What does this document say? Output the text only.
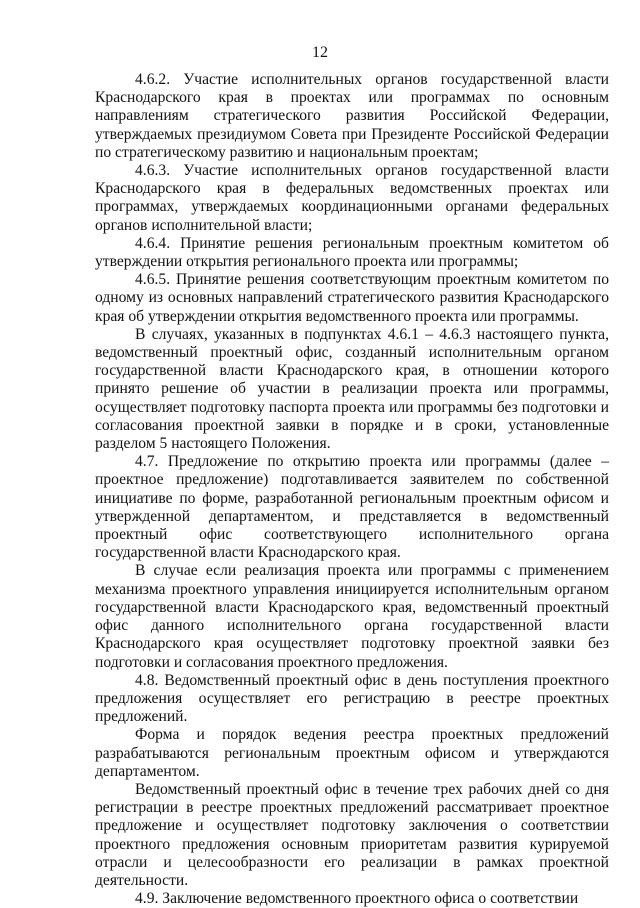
12

4.6.2. Участие исполнительных органов государственной власти Краснодарского края в проектах или программах по основным направлениям стратегического развития Российской Федерации, утверждаемых президиумом Совета при Президенте Российской Федерации по стратегическому развитию и национальным проектам;

4.6.3. Участие исполнительных органов государственной власти Краснодарского края в федеральных ведомственных проектах или программах, утверждаемых координационными органами федеральных органов исполнительной власти;

4.6.4. Принятие решения региональным проектным комитетом об утверждении открытия регионального проекта или программы;

4.6.5. Принятие решения соответствующим проектным комитетом по одному из основных направлений стратегического развития Краснодарского края об утверждении открытия ведомственного проекта или программы.

В случаях, указанных в подпунктах 4.6.1 – 4.6.3 настоящего пункта, ведомственный проектный офис, созданный исполнительным органом государственной власти Краснодарского края, в отношении которого принято решение об участии в реализации проекта или программы, осуществляет подготовку паспорта проекта или программы без подготовки и согласования проектной заявки в порядке и в сроки, установленные разделом 5 настоящего Положения.

4.7. Предложение по открытию проекта или программы (далее – проектное предложение) подготавливается заявителем по собственной инициативе по форме, разработанной региональным проектным офисом и утвержденной департаментом, и представляется в ведомственный проектный офис соответствующего исполнительного органа государственной власти Краснодарского края.

В случае если реализация проекта или программы с применением механизма проектного управления инициируется исполнительным органом государственной власти Краснодарского края, ведомственный проектный офис данного исполнительного органа государственной власти Краснодарского края осуществляет подготовку проектной заявки без подготовки и согласования проектного предложения.

4.8. Ведомственный проектный офис в день поступления проектного предложения осуществляет его регистрацию в реестре проектных предложений.

Форма и порядок ведения реестра проектных предложений разрабатываются региональным проектным офисом и утверждаются департаментом.

Ведомственный проектный офис в течение трех рабочих дней со дня регистрации в реестре проектных предложений рассматривает проектное предложение и осуществляет подготовку заключения о соответствии проектного предложения основным приоритетам развития курируемой отрасли и целесообразности его реализации в рамках проектной деятельности.

4.9. Заключение ведомственного проектного офиса о соответствии
